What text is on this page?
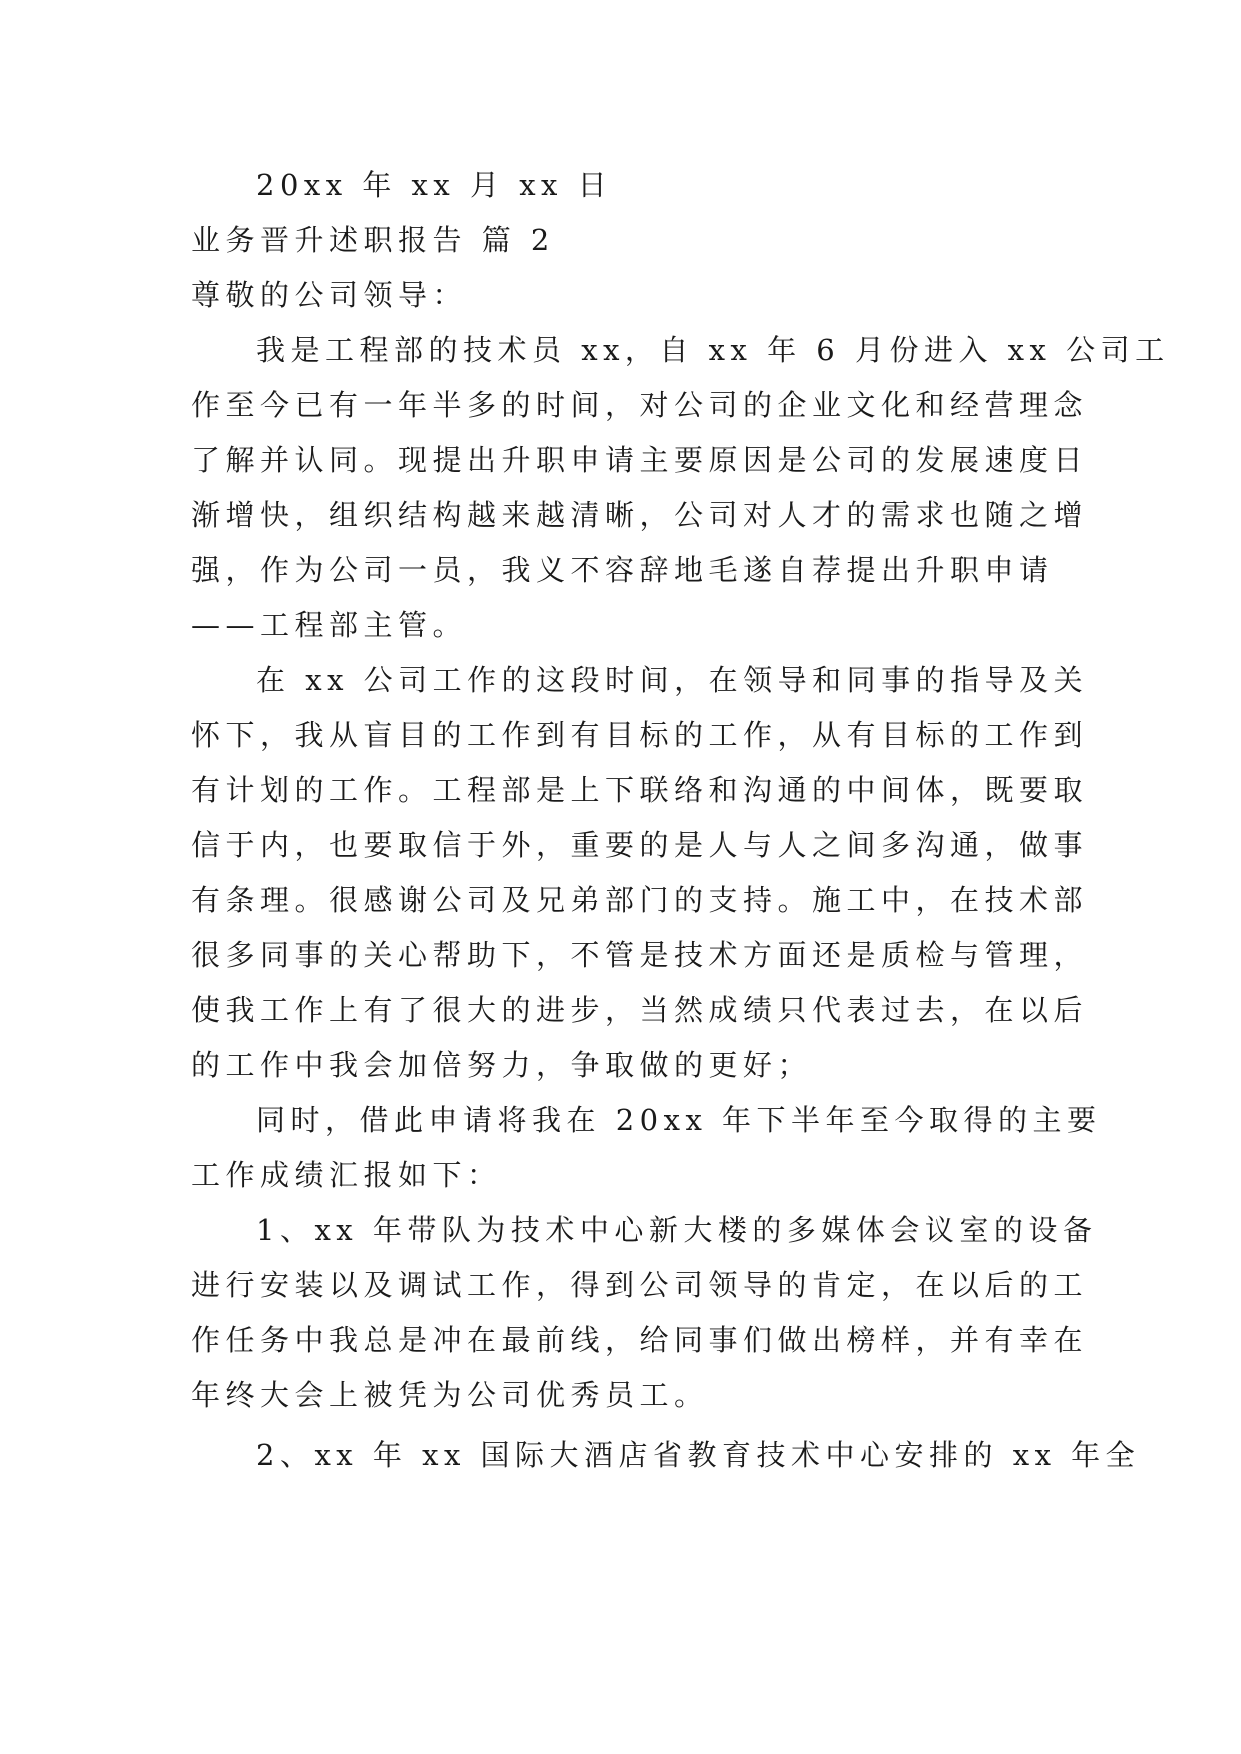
20xx 年 xx 月 xx 日
业务晋升述职报告 篇 2
尊敬的公司领导：
我是工程部的技术员 xx，自 xx 年 6 月份进入 xx 公司工
作至今已有一年半多的时间，对公司的企业文化和经营理念
了解并认同。现提出升职申请主要原因是公司的发展速度日
渐增快，组织结构越来越清晰，公司对人才的需求也随之增
强，作为公司一员，我义不容辞地毛遂自荐提出升职申请
——工程部主管。
在 xx 公司工作的这段时间，在领导和同事的指导及关
怀下，我从盲目的工作到有目标的工作，从有目标的工作到
有计划的工作。工程部是上下联络和沟通的中间体，既要取
信于内，也要取信于外，重要的是人与人之间多沟通，做事
有条理。很感谢公司及兄弟部门的支持。施工中，在技术部
很多同事的关心帮助下，不管是技术方面还是质检与管理，
使我工作上有了很大的进步，当然成绩只代表过去，在以后
的工作中我会加倍努力，争取做的更好；
同时，借此申请将我在 20xx 年下半年至今取得的主要
工作成绩汇报如下：
1、xx 年带队为技术中心新大楼的多媒体会议室的设备
进行安装以及调试工作，得到公司领导的肯定，在以后的工
作任务中我总是冲在最前线，给同事们做出榜样，并有幸在
年终大会上被凭为公司优秀员工。
2、xx 年 xx 国际大酒店省教育技术中心安排的 xx 年全
